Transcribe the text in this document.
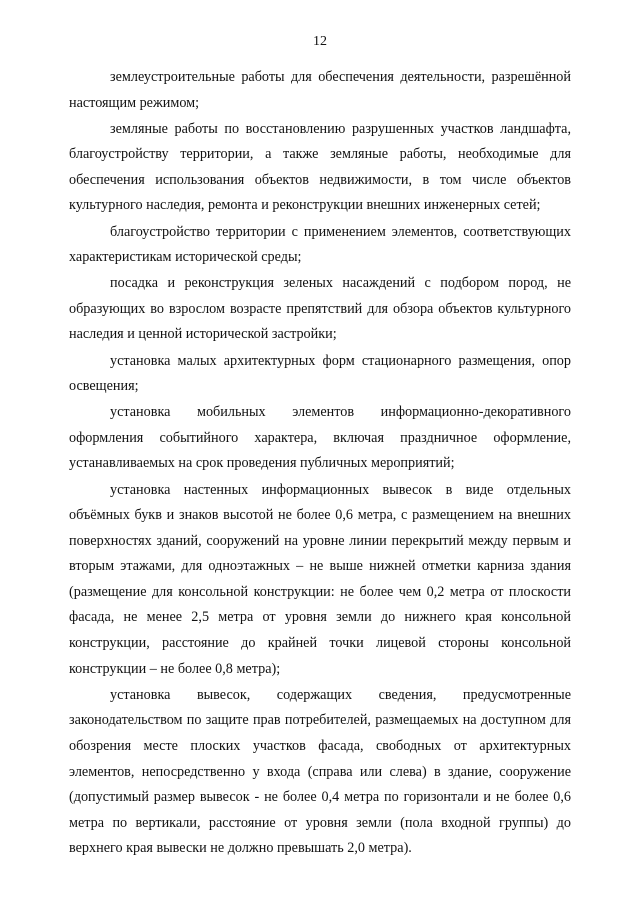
12

землеустроительные работы для обеспечения деятельности, разрешённой настоящим режимом;

земляные работы по восстановлению разрушенных участков ландшафта, благоустройству территории, а также земляные работы, необходимые для обеспечения использования объектов недвижимости, в том числе объектов культурного наследия, ремонта и реконструкции внешних инженерных сетей;

благоустройство территории с применением элементов, соответствующих характеристикам исторической среды;

посадка и реконструкция зеленых насаждений с подбором пород, не образующих во взрослом возрасте препятствий для обзора объектов культурного наследия и ценной исторической застройки;

установка малых архитектурных форм стационарного размещения, опор освещения;

установка мобильных элементов информационно-декоративного оформления событийного характера, включая праздничное оформление, устанавливаемых на срок проведения публичных мероприятий;

установка настенных информационных вывесок в виде отдельных объёмных букв и знаков высотой не более 0,6 метра, с размещением на внешних поверхностях зданий, сооружений на уровне линии перекрытий между первым и вторым этажами, для одноэтажных – не выше нижней отметки карниза здания (размещение для консольной конструкции: не более чем 0,2 метра от плоскости фасада, не менее 2,5 метра от уровня земли до нижнего края консольной конструкции, расстояние до крайней точки лицевой стороны консольной конструкции – не более 0,8 метра);

установка вывесок, содержащих сведения, предусмотренные законодательством по защите прав потребителей, размещаемых на доступном для обозрения месте плоских участков фасада, свободных от архитектурных элементов, непосредственно у входа (справа или слева) в здание, сооружение (допустимый размер вывесок - не более 0,4 метра по горизонтали и не более 0,6 метра по вертикали, расстояние от уровня земли (пола входной группы) до верхнего края вывески не должно превышать 2,0 метра).
